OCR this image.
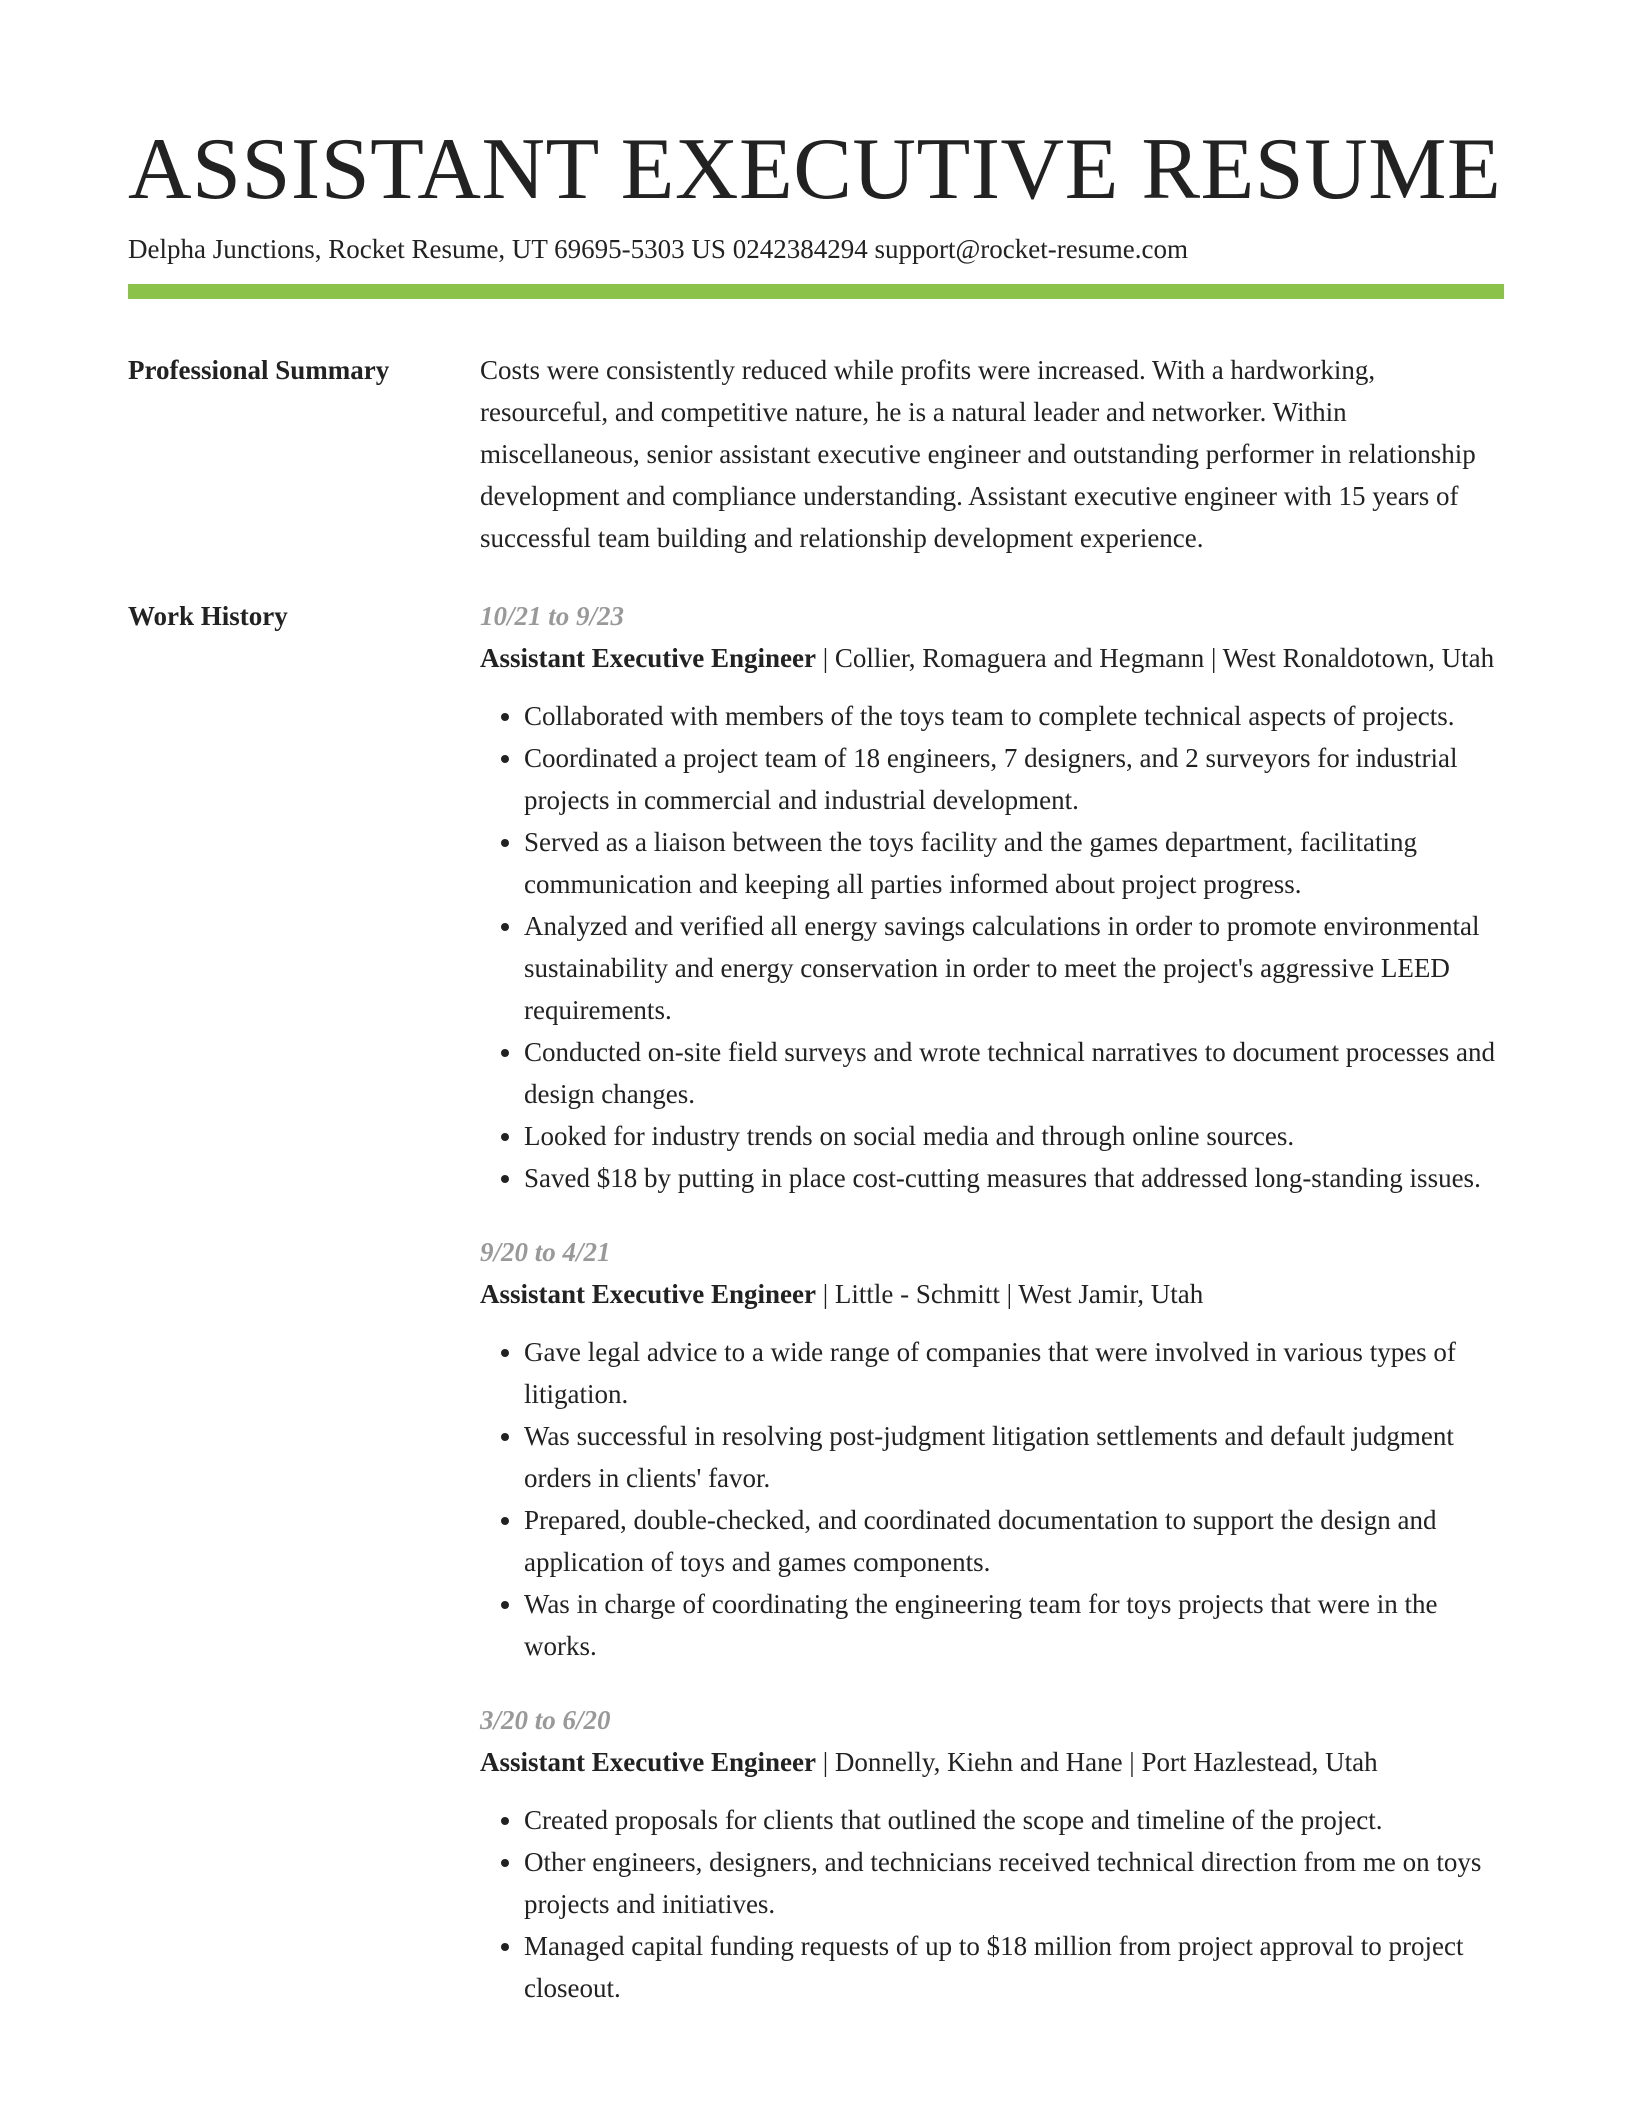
ASSISTANT EXECUTIVE RESUME
Delpha Junctions, Rocket Resume, UT 69695-5303 US 0242384294 support@rocket-resume.com
Professional Summary	Costs were consistently reduced while profits were increased. With a hardworking, resourceful, and competitive nature, he is a natural leader and networker. Within miscellaneous, senior assistant executive engineer and outstanding performer in relationship development and compliance understanding. Assistant executive engineer with 15 years of successful team building and relationship development experience.

Work History	10/21 to 9/23

Assistant Executive Engineer | Collier, Romaguera and Hegmann | West Ronaldotown, Utah

• Collaborated with members of the toys team to complete technical aspects of projects.
• Coordinated a project team of 18 engineers, 7 designers, and 2 surveyors for industrial projects in commercial and industrial development.
• Served as a liaison between the toys facility and the games department, facilitating communication and keeping all parties informed about project progress.
• Analyzed and verified all energy savings calculations in order to promote environmental sustainability and energy conservation in order to meet the project's aggressive LEED requirements.
• Conducted on-site field surveys and wrote technical narratives to document processes and design changes.
• Looked for industry trends on social media and through online sources.
• Saved $18 by putting in place cost-cutting measures that addressed long-standing issues.
9/20 to 4/21

Assistant Executive Engineer | Little - Schmitt | West Jamir, Utah

• Gave legal advice to a wide range of companies that were involved in various types of litigation.
• Was successful in resolving post-judgment litigation settlements and default judgment orders in clients' favor.
• Prepared, double-checked, and coordinated documentation to support the design and application of toys and games components.
• Was in charge of coordinating the engineering team for toys projects that were in the works.
3/20 to 6/20

Assistant Executive Engineer | Donnelly, Kiehn and Hane | Port Hazlestead, Utah

• Created proposals for clients that outlined the scope and timeline of the project.
• Other engineers, designers, and technicians received technical direction from me on toys projects and initiatives.
• Managed capital funding requests of up to $18 million from project approval to project closeout.
